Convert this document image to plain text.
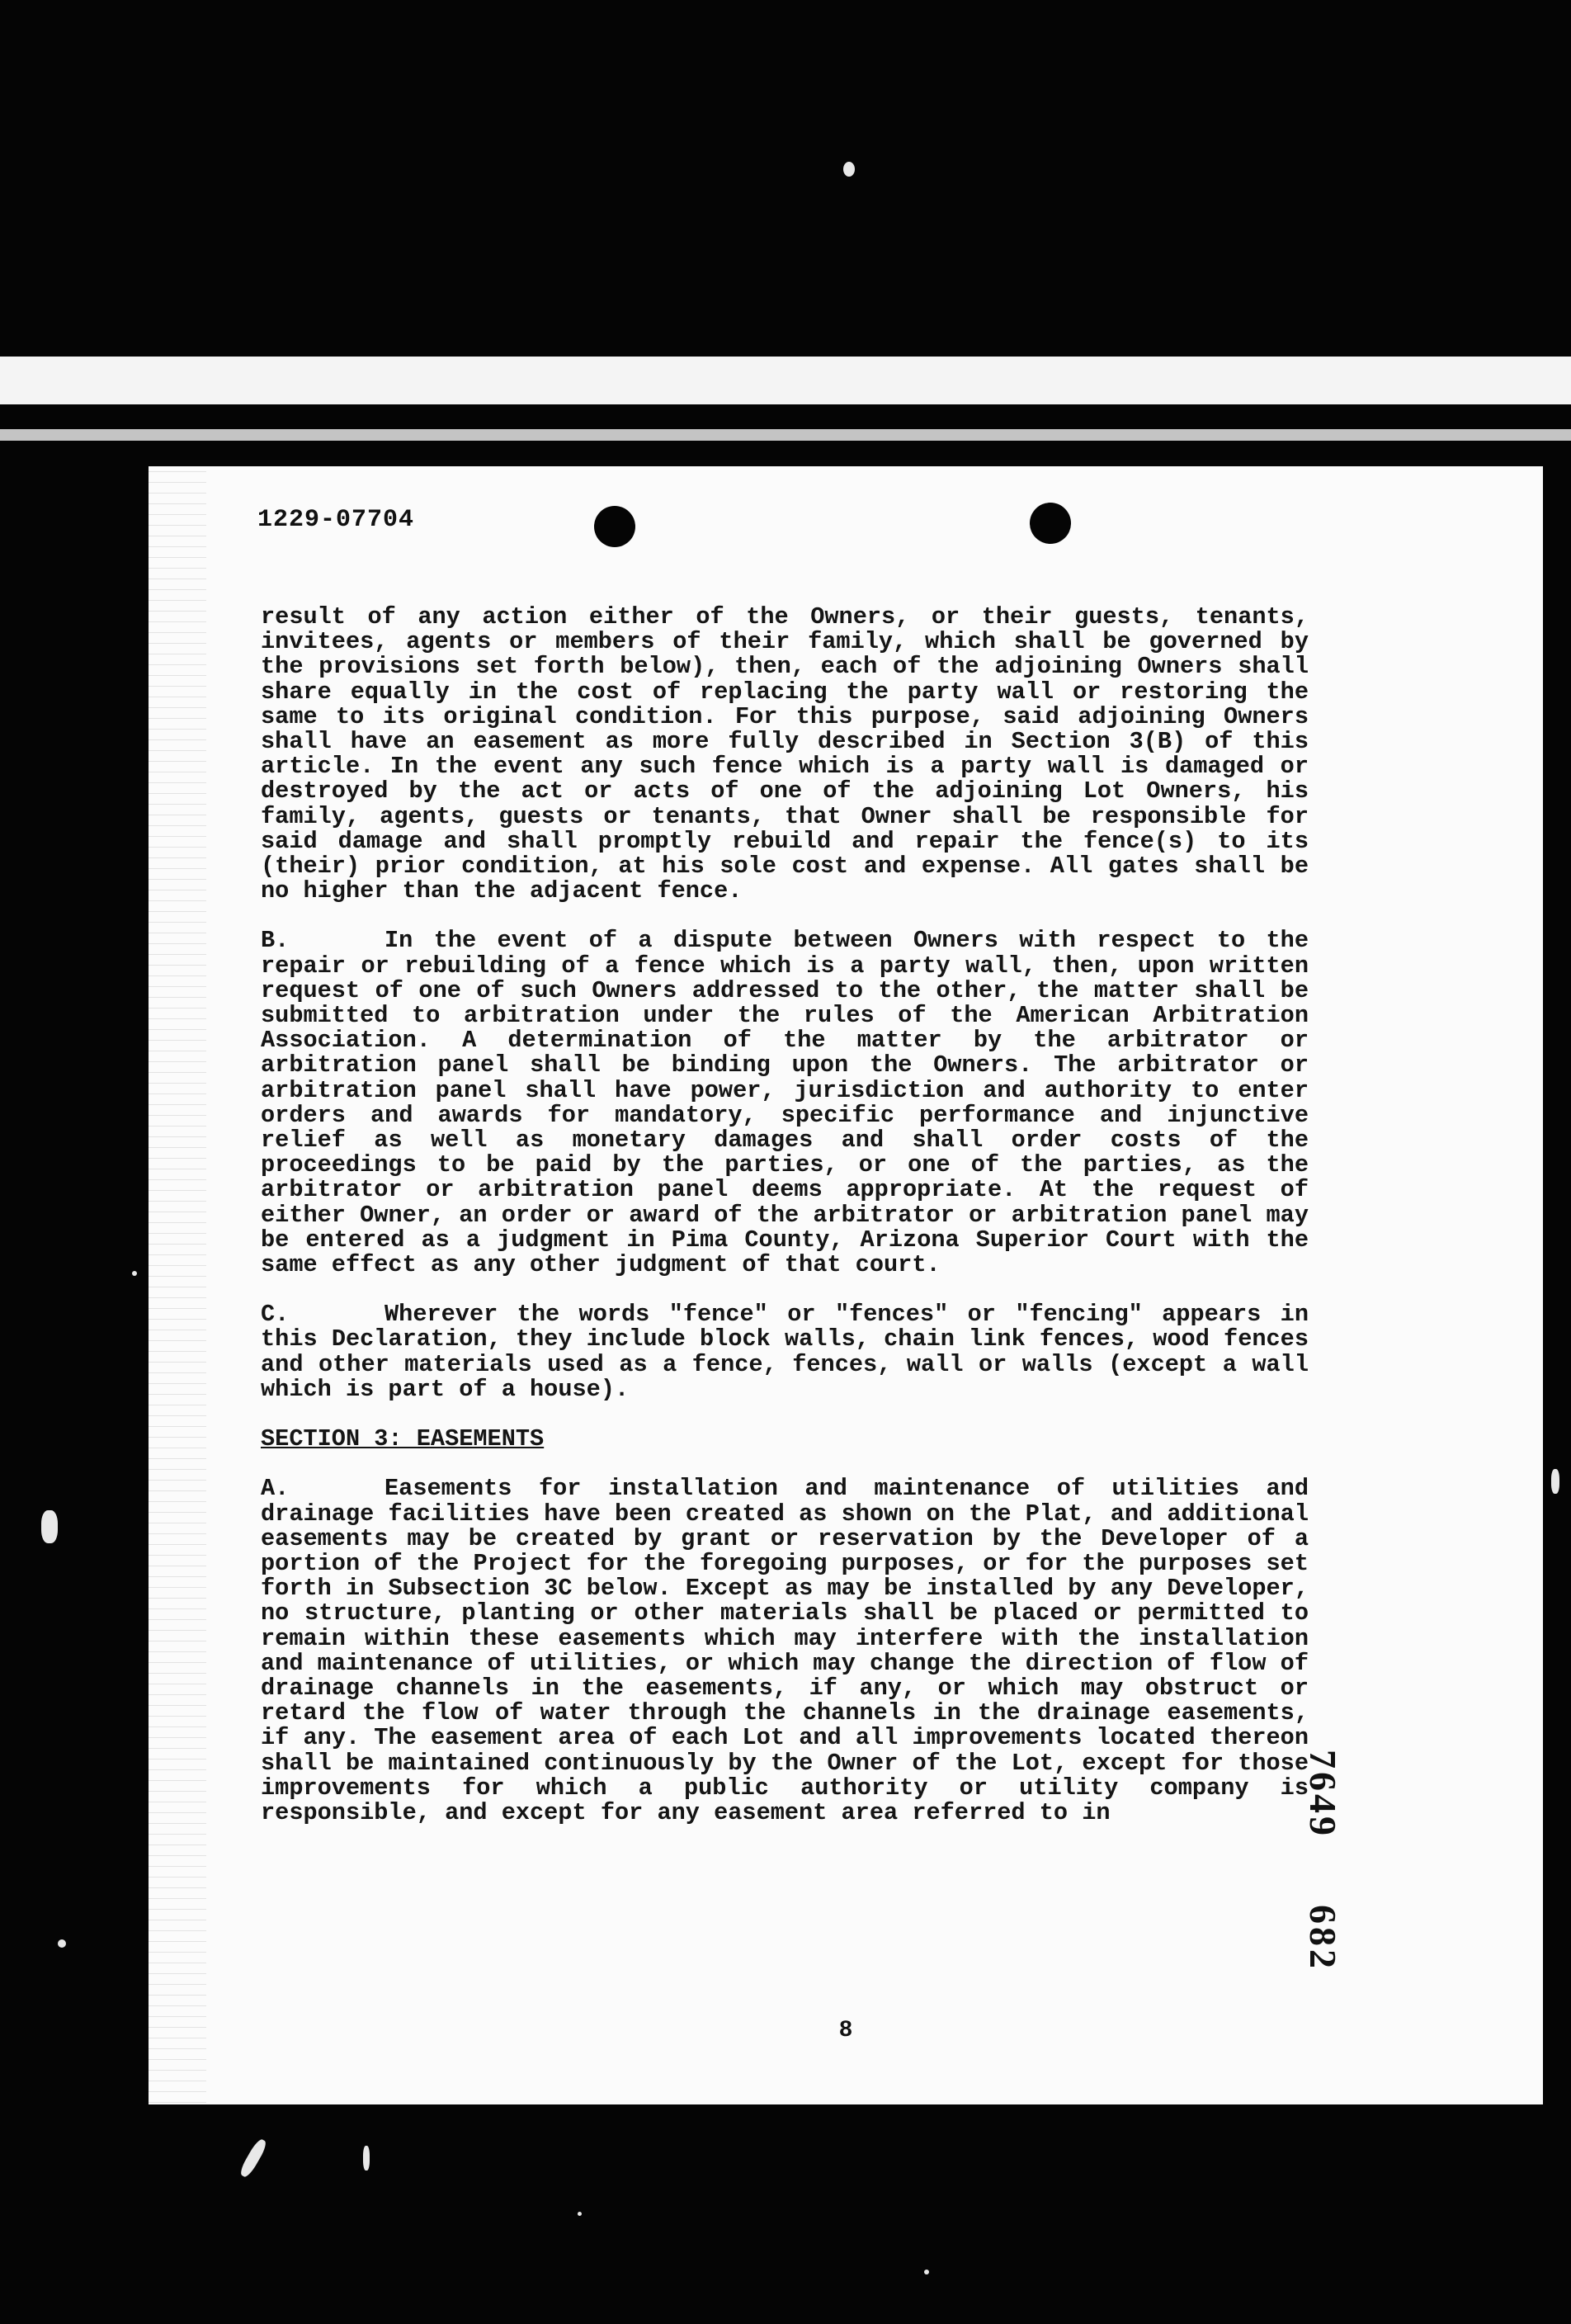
1229-07704

result of any action either of the Owners, or their guests, tenants, invitees, agents or members of their family, which shall be governed by the provisions set forth below), then, each of the adjoining Owners shall share equally in the cost of replacing the party wall or restoring the same to its original condition. For this purpose, said adjoining Owners shall have an easement as more fully described in Section 3(B) of this article. In the event any such fence which is a party wall is damaged or destroyed by the act or acts of one of the adjoining Lot Owners, his family, agents, guests or tenants, that Owner shall be responsible for said damage and shall promptly rebuild and repair the fence(s) to its (their) prior condition, at his sole cost and expense. All gates shall be no higher than the adjacent fence.

B.	In the event of a dispute between Owners with respect to the repair or rebuilding of a fence which is a party wall, then, upon written request of one of such Owners addressed to the other, the matter shall be submitted to arbitration under the rules of the American Arbitration Association. A determination of the matter by the arbitrator or arbitration panel shall be binding upon the Owners. The arbitrator or arbitration panel shall have power, jurisdiction and authority to enter orders and awards for mandatory, specific performance and injunctive relief as well as monetary damages and shall order costs of the proceedings to be paid by the parties, or one of the parties, as the arbitrator or arbitration panel deems appropriate. At the request of either Owner, an order or award of the arbitrator or arbitration panel may be entered as a judgment in Pima County, Arizona Superior Court with the same effect as any other judgment of that court.

C.	Wherever the words "fence" or "fences" or "fencing" appears in this Declaration, they include block walls, chain link fences, wood fences and other materials used as a fence, fences, wall or walls (except a wall which is part of a house).

SECTION 3: EASEMENTS

A.	Easements for installation and maintenance of utilities and drainage facilities have been created as shown on the Plat, and additional easements may be created by grant or reservation by the Developer of a portion of the Project for the foregoing purposes, or for the purposes set forth in Subsection 3C below. Except as may be installed by any Developer, no structure, planting or other materials shall be placed or permitted to remain within these easements which may interfere with the installation and maintenance of utilities, or which may change the direction of flow of drainage channels in the easements, if any, or which may obstruct or retard the flow of water through the channels in the drainage easements, if any. The easement area of each Lot and all improvements located thereon shall be maintained continuously by the Owner of the Lot, except for those improvements for which a public authority or utility company is responsible, and except for any easement area referred to in

8
7649682
